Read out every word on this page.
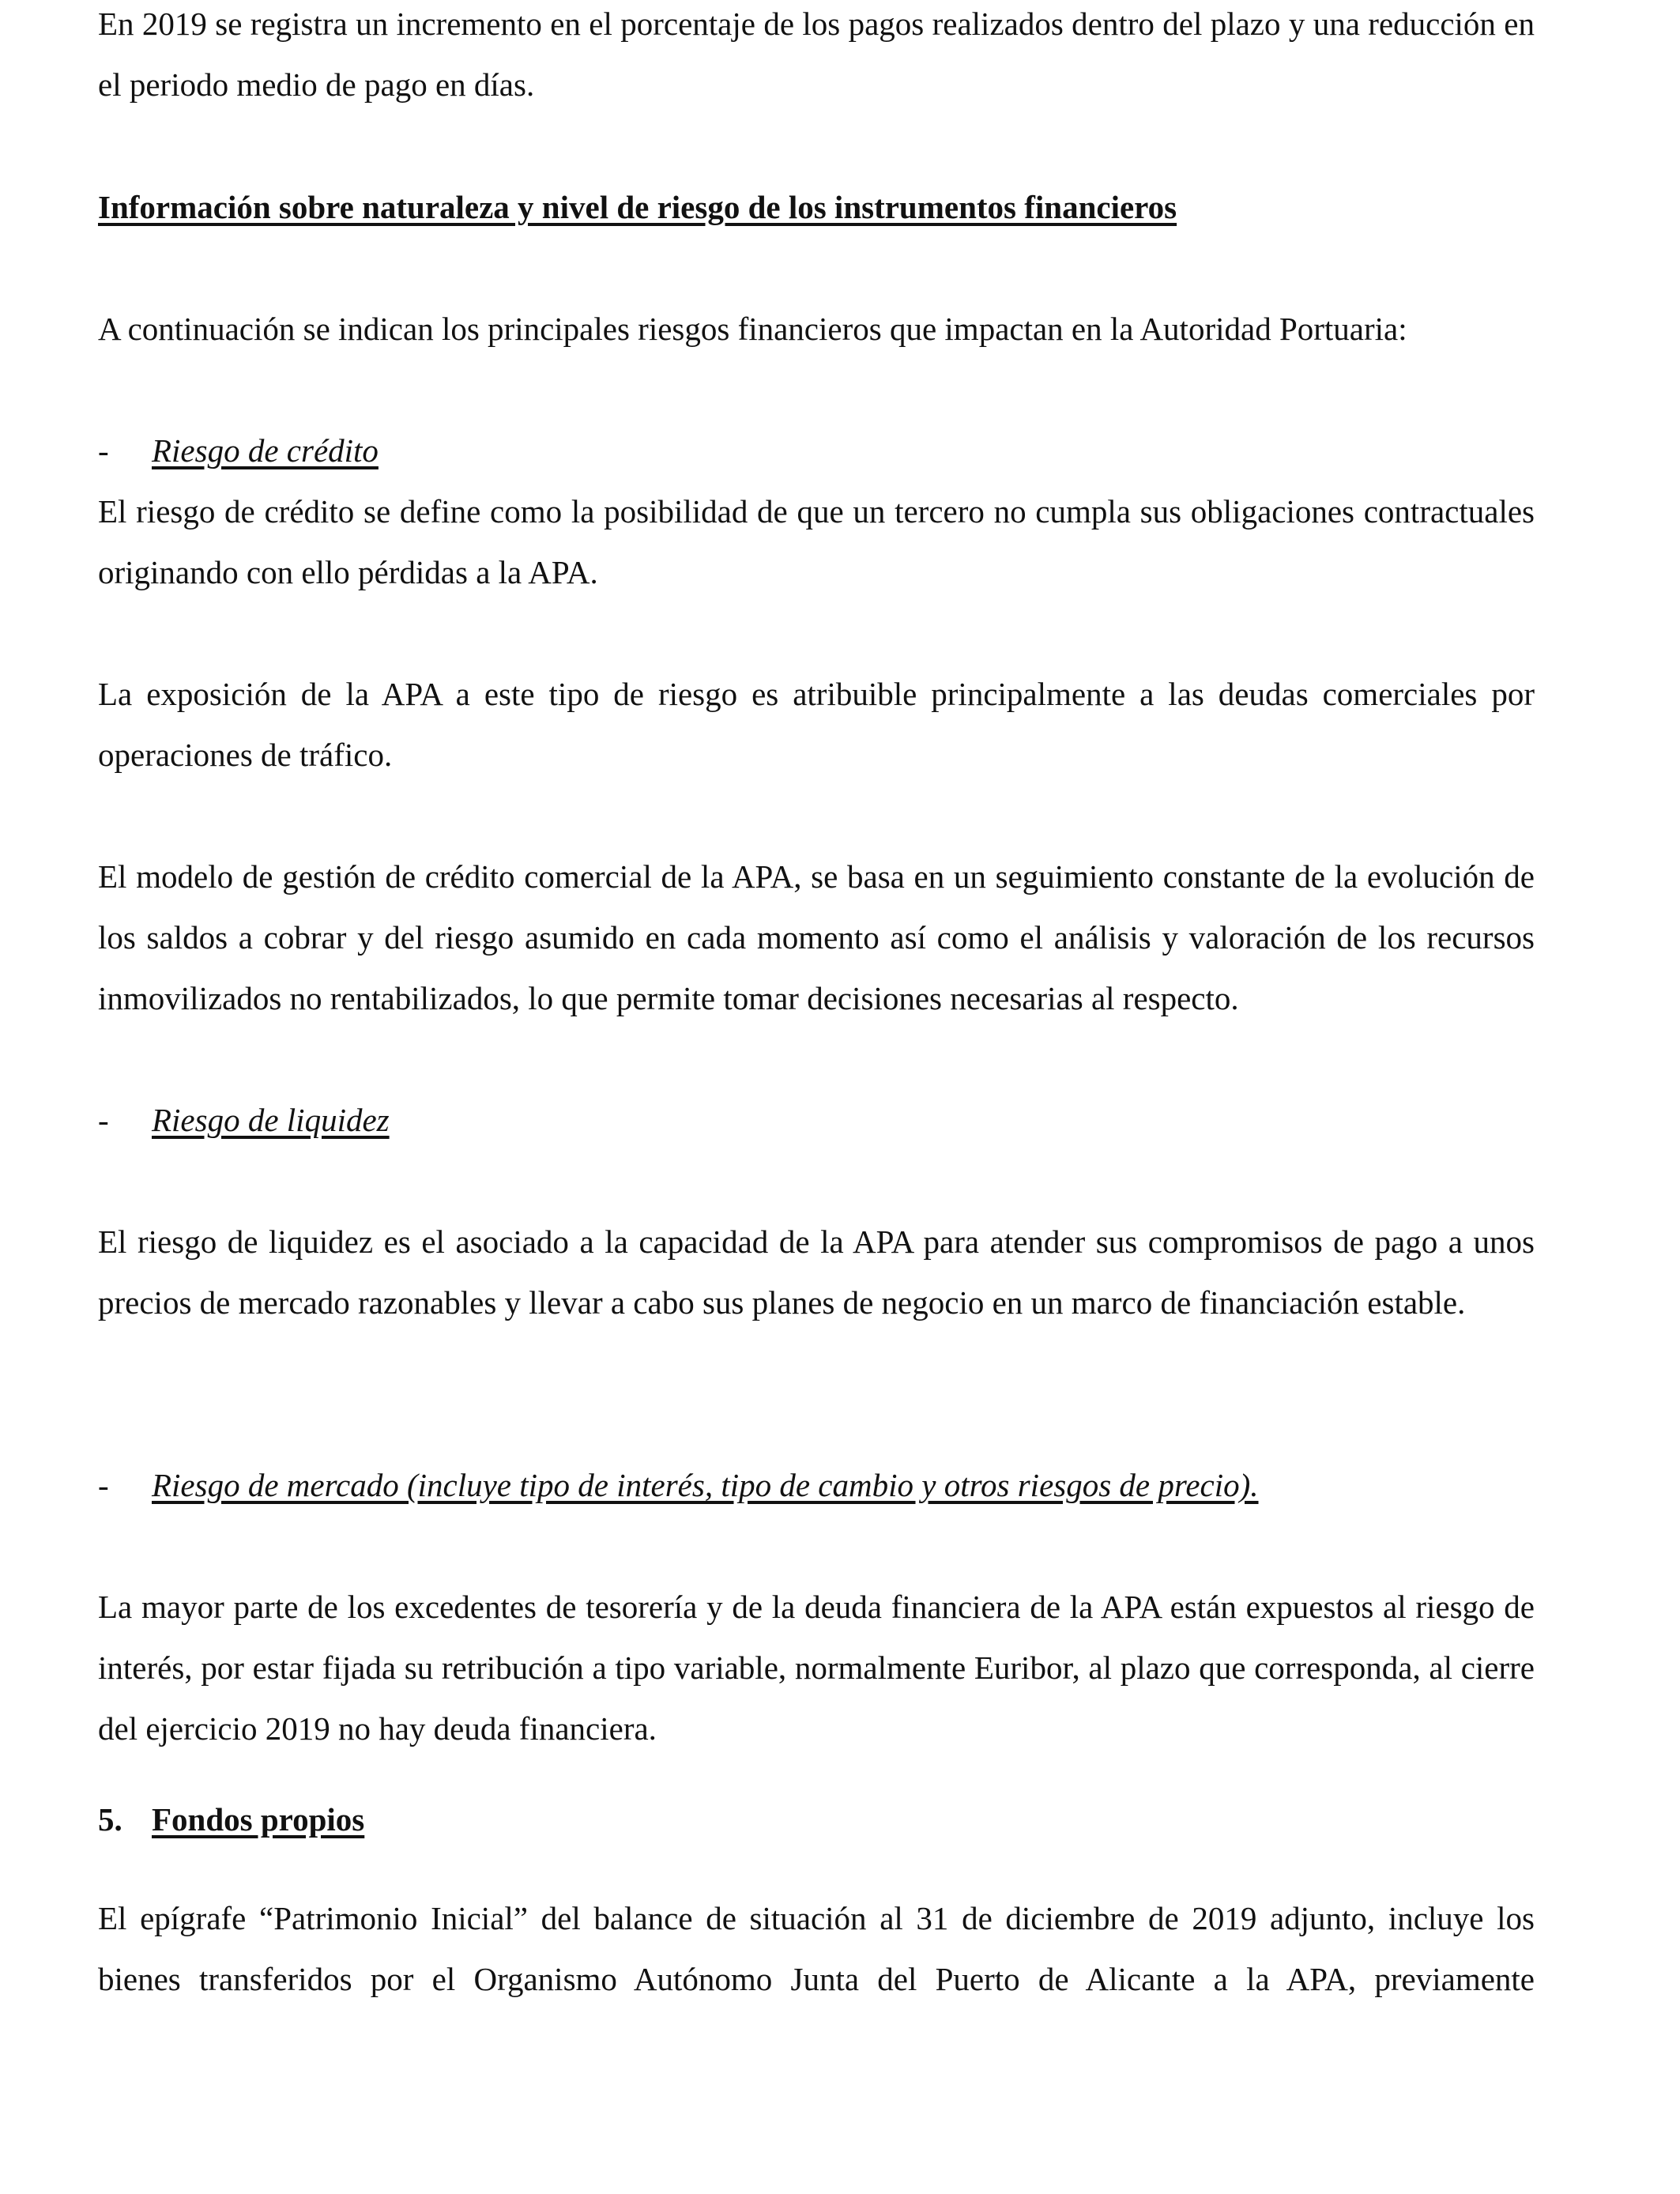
En 2019 se registra un incremento en el porcentaje de los pagos realizados dentro del plazo y una reducción en el periodo medio de pago en días.

Información sobre naturaleza y nivel de riesgo de los instrumentos financieros

A continuación se indican los principales riesgos financieros que impactan en la Autoridad Portuaria:

-	Riesgo de crédito

El riesgo de crédito se define como la posibilidad de que un tercero no cumpla sus obligaciones contractuales originando con ello pérdidas a la APA.

La exposición de la APA a este tipo de riesgo es atribuible principalmente a las deudas comerciales por operaciones de tráfico.

El modelo de gestión de crédito comercial de la APA, se basa en un seguimiento constante de la evolución de los saldos a cobrar y del riesgo asumido en cada momento así como el análisis y valoración de los recursos inmovilizados no rentabilizados, lo que permite tomar decisiones necesarias al respecto.

-	Riesgo de liquidez

El riesgo de liquidez es el asociado a la capacidad de la APA para atender sus compromisos de pago a unos precios de mercado razonables y llevar a cabo sus planes de negocio en un marco de financiación estable.

-	Riesgo de mercado (incluye tipo de interés, tipo de cambio y otros riesgos de precio).

La mayor parte de los excedentes de tesorería y de la deuda financiera de la APA están expuestos al riesgo de interés, por estar fijada su retribución a tipo variable, normalmente Euribor, al plazo que corresponda, al cierre del ejercicio 2019 no hay deuda financiera.

5. Fondos propios

El epígrafe “Patrimonio Inicial” del balance de situación al 31 de diciembre de 2019 adjunto, incluye los bienes transferidos por el Organismo Autónomo Junta del Puerto de Alicante a la APA, previamente
